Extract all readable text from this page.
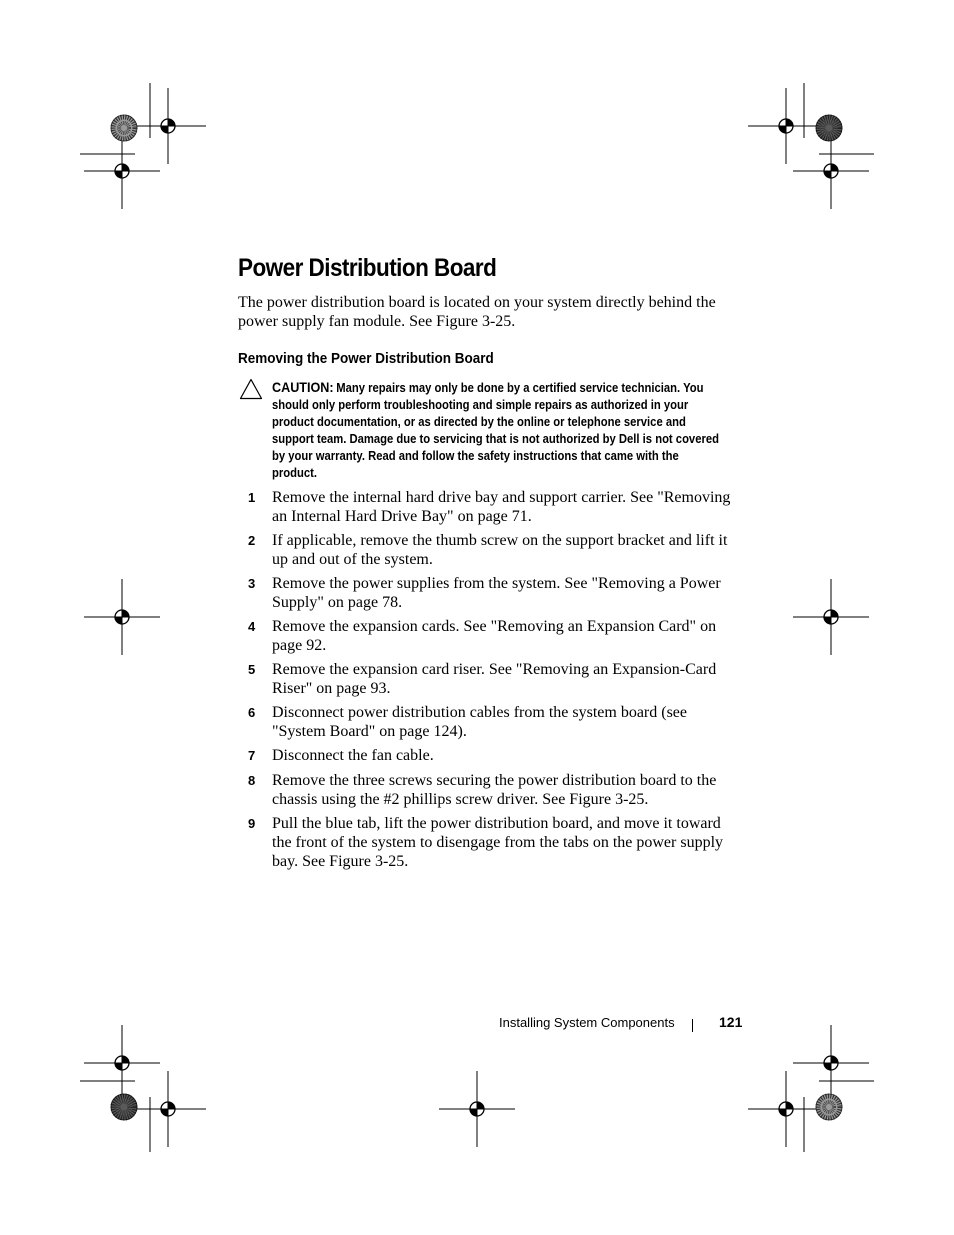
Power Distribution Board
The power distribution board is located on your system directly behind the power supply fan module. See Figure 3-25.
Removing the Power Distribution Board
CAUTION: Many repairs may only be done by a certified service technician. You should only perform troubleshooting and simple repairs as authorized in your product documentation, or as directed by the online or telephone service and support team. Damage due to servicing that is not authorized by Dell is not covered by your warranty. Read and follow the safety instructions that came with the product.
1	Remove the internal hard drive bay and support carrier. See "Removing an Internal Hard Drive Bay" on page 71.
2	If applicable, remove the thumb screw on the support bracket and lift it up and out of the system.
3	Remove the power supplies from the system. See "Removing a Power Supply" on page 78.
4	Remove the expansion cards. See "Removing an Expansion Card" on page 92.
5	Remove the expansion card riser. See "Removing an Expansion-Card Riser" on page 93.
6	Disconnect power distribution cables from the system board (see "System Board" on page 124).
7	Disconnect the fan cable.
8	Remove the three screws securing the power distribution board to the chassis using the #2 phillips screw driver. See Figure 3-25.
9	Pull the blue tab, lift the power distribution board, and move it toward the front of the system to disengage from the tabs on the power supply bay. See Figure 3-25.
Installing System Components	121
